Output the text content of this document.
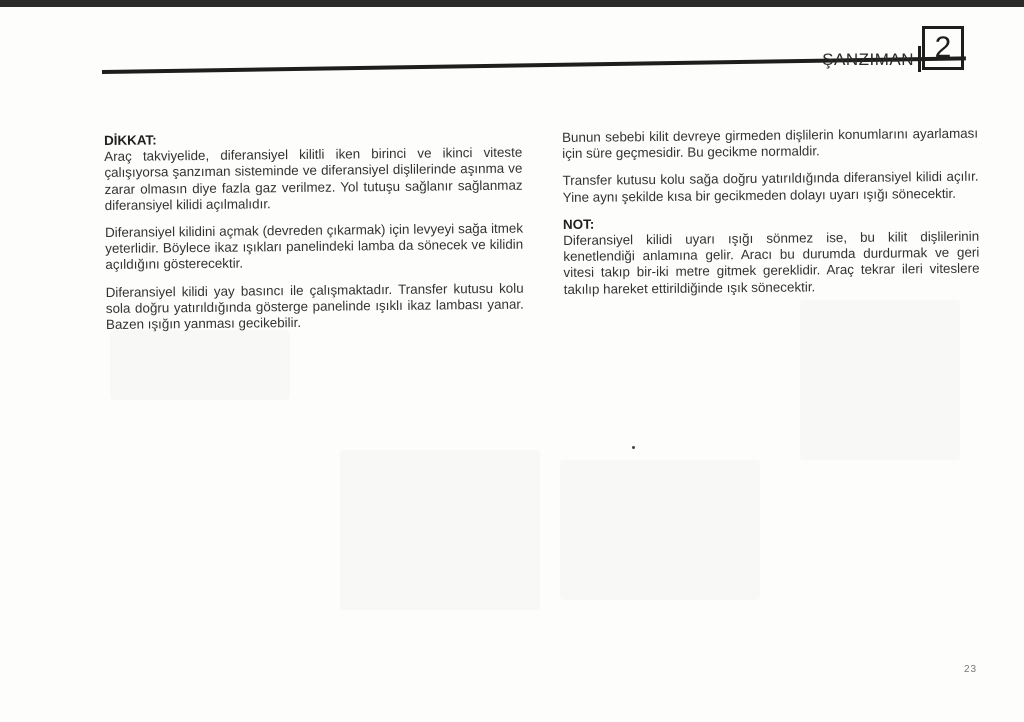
ŞANZIMAN 2

DİKKAT:

Araç takviyelide, diferansiyel kilitli iken birinci ve ikinci viteste çalışıyorsa şanzıman sisteminde ve diferansiyel dişlilerinde aşınma ve zarar olmasın diye fazla gaz verilmez. Yol tutuşu sağlanır sağlanmaz diferansiyel kilidi açılmalıdır.

Diferansiyel kilidini açmak (devreden çıkarmak) için levyeyi sağa itmek yeterlidir. Böylece ikaz ışıkları panelindeki lamba da sönecek ve kilidin açıldığını gösterecektir.

Diferansiyel kilidi yay basıncı ile çalışmaktadır. Transfer kutusu kolu sola doğru yatırıldığında gösterge panelinde ışıklı ikaz lambası yanar. Bazen ışığın yanması gecikebilir.

Bunun sebebi kilit devreye girmeden dişlilerin konumlarını ayarlaması için süre geçmesidir. Bu gecikme normaldir.

Transfer kutusu kolu sağa doğru yatırıldığında diferansiyel kilidi açılır. Yine aynı şekilde kısa bir gecikmeden dolayı uyarı ışığı sönecektir.

NOT:

Diferansiyel kilidi uyarı ışığı sönmez ise, bu kilit dişlilerinin kenetlendiği anlamına gelir. Aracı bu durumda durdurmak ve geri vitesi takıp bir-iki metre gitmek gereklidir. Araç tekrar ileri viteslere takılıp hareket ettirildiğinde ışık sönecektir.

23
